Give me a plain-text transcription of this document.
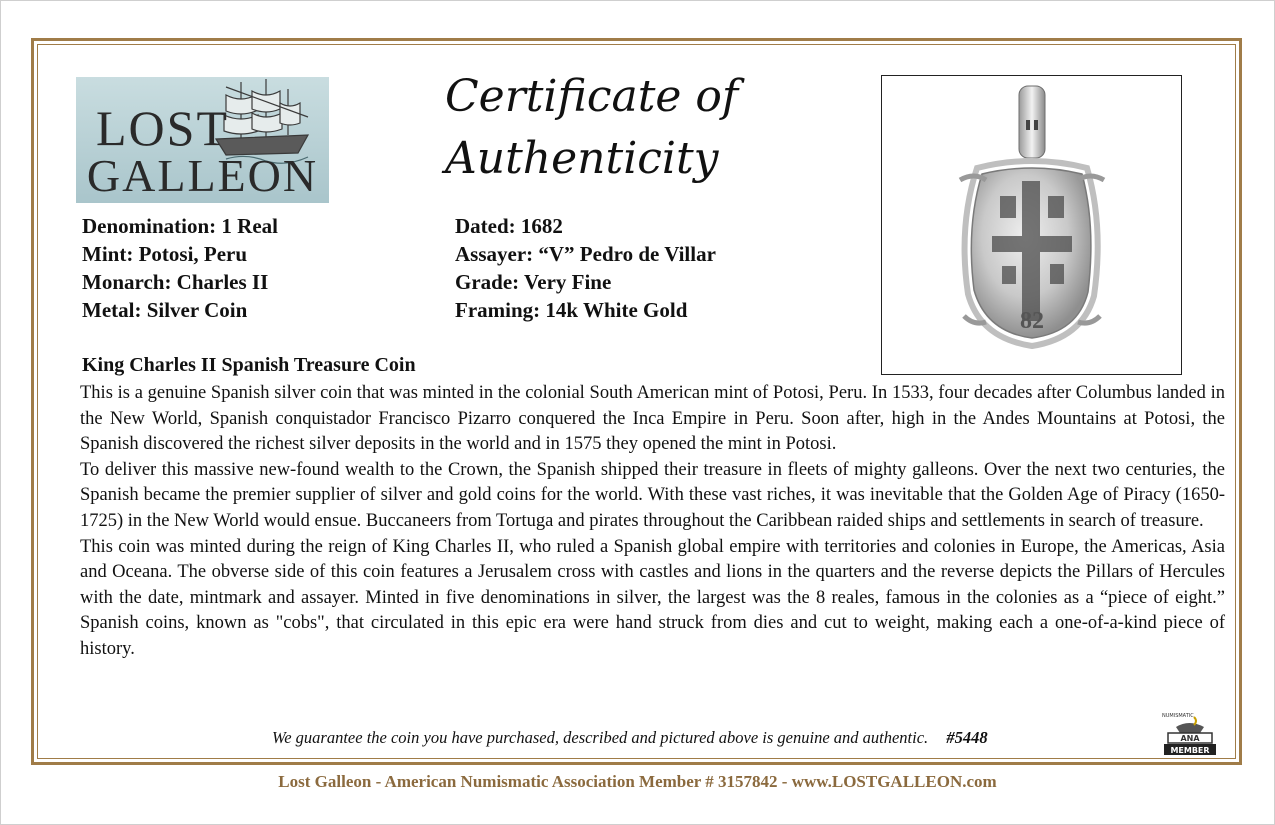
LOST
GALLEON
Certificate of
Authenticity
Denomination: 1 Real
Mint: Potosi, Peru
Monarch: Charles II
Metal: Silver Coin
Dated: 1682
Assayer: “V” Pedro de Villar
Grade: Very Fine
Framing: 14k White Gold	82
King Charles II Spanish Treasure Coin

This is a genuine Spanish silver coin that was minted in the colonial South American mint of Potosi, Peru. In 1533, four decades after Columbus landed in the New World, Spanish conquistador Francisco Pizarro conquered the Inca Empire in Peru. Soon after, high in the Andes Mountains at Potosi, the Spanish discovered the richest silver deposits in the world and in 1575 they opened the mint in Potosi.

To deliver this massive new-found wealth to the Crown, the Spanish shipped their treasure in fleets of mighty galleons. Over the next two centuries, the Spanish became the premier supplier of silver and gold coins for the world. With these vast riches, it was inevitable that the Golden Age of Piracy (1650-1725) in the New World would ensue. Buccaneers from Tortuga and pirates throughout the Caribbean raided ships and settlements in search of treasure.

This coin was minted during the reign of King Charles II, who ruled a Spanish global empire with territories and colonies in Europe, the Americas, Asia and Oceana. The obverse side of this coin features a Jerusalem cross with castles and lions in the quarters and the reverse depicts the Pillars of Hercules with the date, mintmark and assayer. Minted in five denominations in silver, the largest was the 8 reales, famous in the colonies as a “piece of eight.” Spanish coins, known as "cobs", that circulated in this epic era were hand struck from dies and cut to weight, making each a one-of-a-kind piece of history.

We guarantee the coin you have purchased, described and pictured above is genuine and authentic. #5448
NUMISMATIC
ANA
MEMBER
Lost Galleon - American Numismatic Association Member # 3157842 - www.LOSTGALLEON.com
